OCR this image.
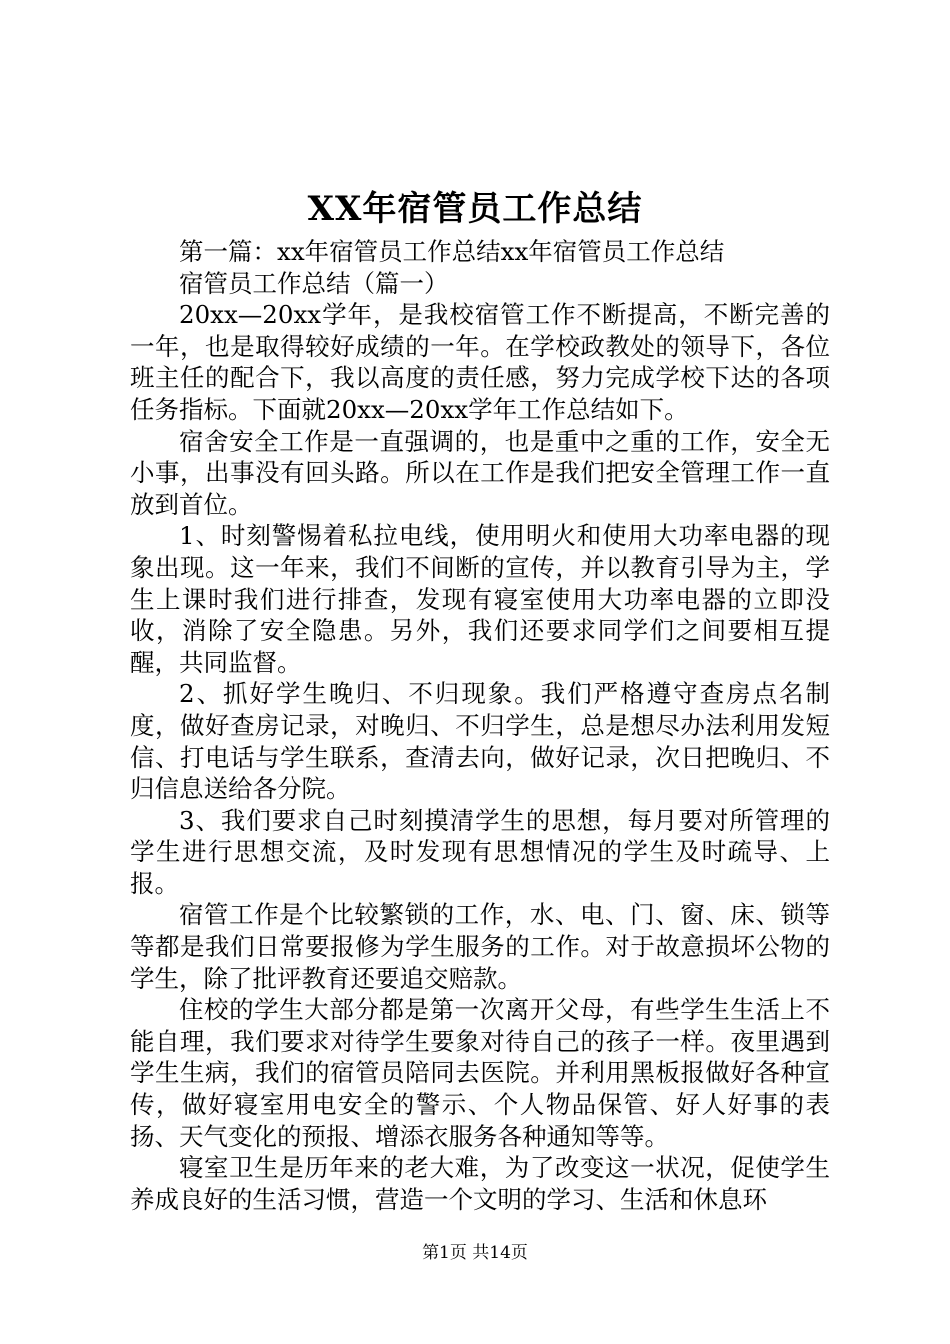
XX年宿管员工作总结

第一篇：xx年宿管员工作总结xx年宿管员工作总结

宿管员工作总结（篇一）

20xx—20xx学年，是我校宿管工作不断提高，不断完善的一年，也是取得较好成绩的一年。在学校政教处的领导下，各位班主任的配合下，我以高度的责任感，努力完成学校下达的各项任务指标。下面就20xx—20xx学年工作总结如下。

宿舍安全工作是一直强调的，也是重中之重的工作，安全无小事，出事没有回头路。所以在工作是我们把安全管理工作一直放到首位。

1、时刻警惕着私拉电线，使用明火和使用大功率电器的现象出现。这一年来，我们不间断的宣传，并以教育引导为主，学生上课时我们进行排查，发现有寝室使用大功率电器的立即没收，消除了安全隐患。另外，我们还要求同学们之间要相互提醒，共同监督。

2、抓好学生晚归、不归现象。我们严格遵守查房点名制度，做好查房记录，对晚归、不归学生，总是想尽办法利用发短信、打电话与学生联系，查清去向，做好记录，次日把晚归、不归信息送给各分院。

3、我们要求自己时刻摸清学生的思想，每月要对所管理的学生进行思想交流，及时发现有思想情况的学生及时疏导、上报。

宿管工作是个比较繁锁的工作，水、电、门、窗、床、锁等等都是我们日常要报修为学生服务的工作。对于故意损坏公物的学生，除了批评教育还要追交赔款。

住校的学生大部分都是第一次离开父母，有些学生生活上不能自理，我们要求对待学生要象对待自己的孩子一样。夜里遇到学生生病，我们的宿管员陪同去医院。并利用黑板报做好各种宣传，做好寝室用电安全的警示、个人物品保管、好人好事的表扬、天气变化的预报、增添衣服务各种通知等等。

寝室卫生是历年来的老大难，为了改变这一状况，促使学生养成良好的生活习惯，营造一个文明的学习、生活和休息环

第1页 共14页
